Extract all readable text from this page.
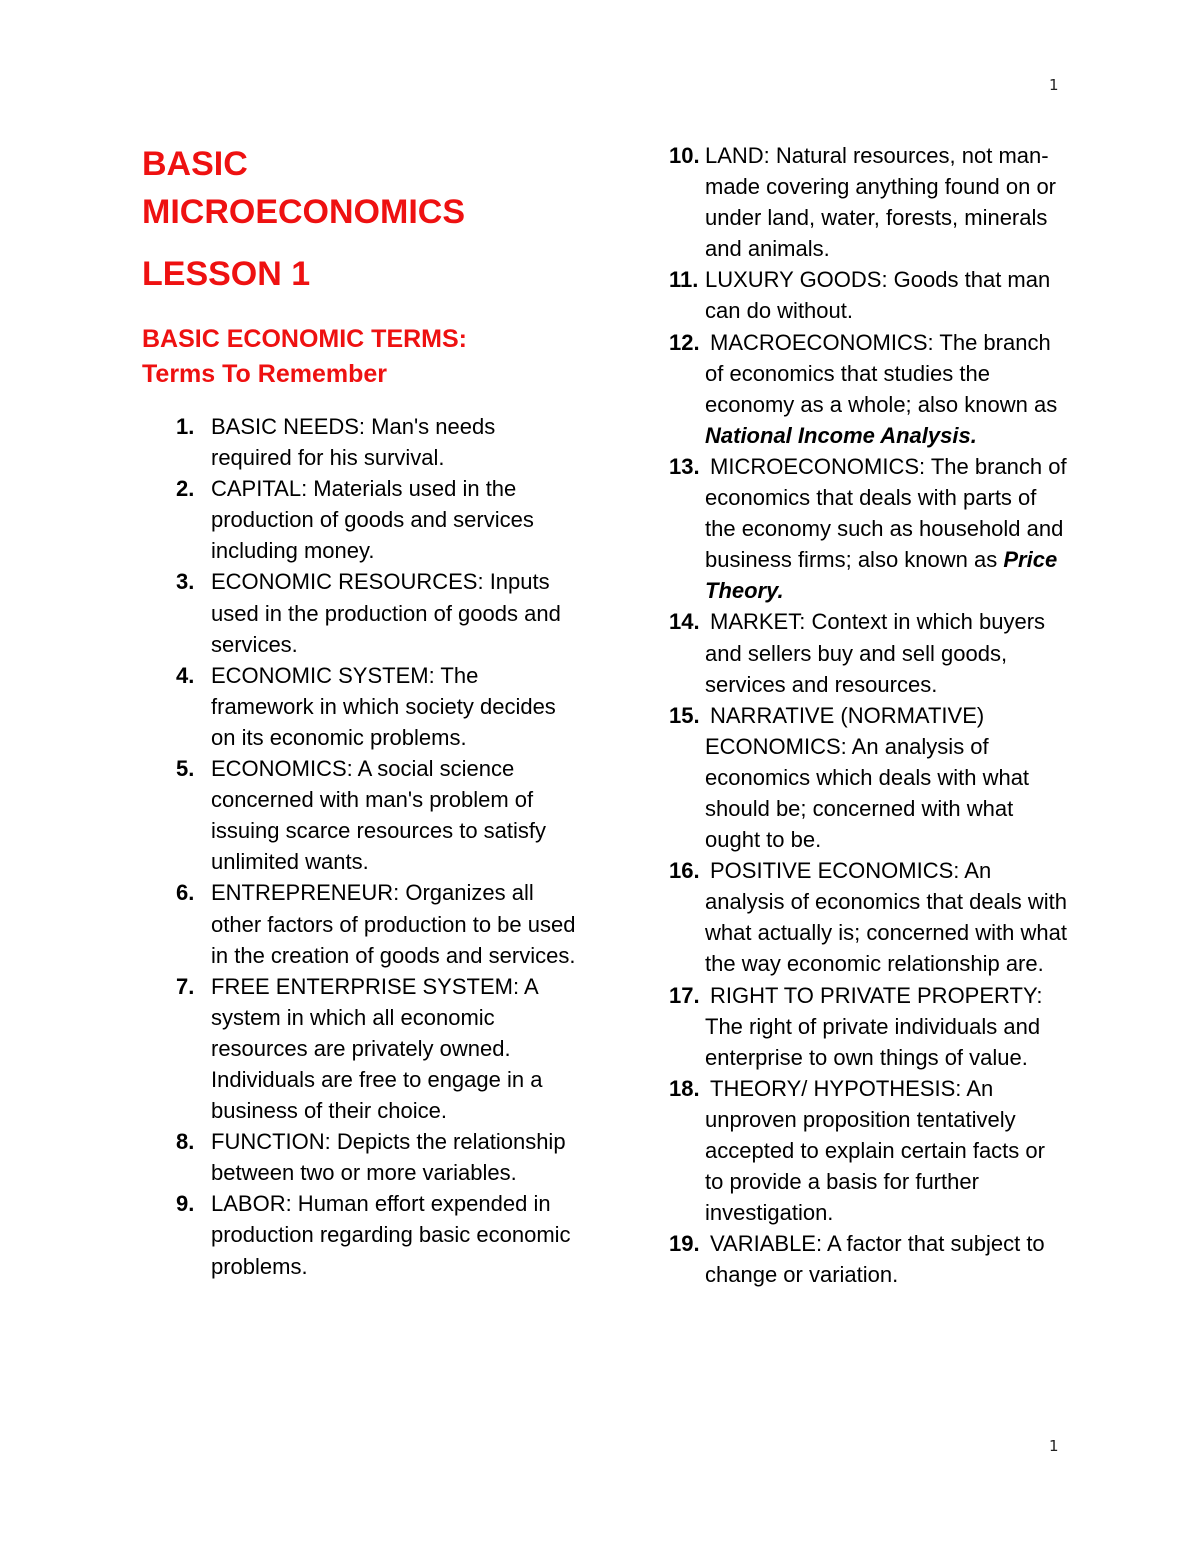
1
BASIC
MICROECONOMICS
LESSON 1
BASIC ECONOMIC TERMS:
Terms To Remember
1. BASIC NEEDS: Man's needs required for his survival.
2. CAPITAL: Materials used in the production of goods and services including money.
3. ECONOMIC RESOURCES: Inputs used in the production of goods and services.
4. ECONOMIC SYSTEM: The framework in which society decides on its economic problems.
5. ECONOMICS: A social science concerned with man's problem of issuing scarce resources to satisfy unlimited wants.
6. ENTREPRENEUR: Organizes all other factors of production to be used in the creation of goods and services.
7. FREE ENTERPRISE SYSTEM: A system in which all economic resources are privately owned. Individuals are free to engage in a business of their choice.
8. FUNCTION: Depicts the relationship between two or more variables.
9. LABOR: Human effort expended in production regarding basic economic problems.
10. LAND: Natural resources, not man-made covering anything found on or under land, water, forests, minerals and animals.
11. LUXURY GOODS: Goods that man can do without.
12. MACROECONOMICS: The branch of economics that studies the economy as a whole; also known as National Income Analysis.
13. MICROECONOMICS: The branch of economics that deals with parts of the economy such as household and business firms; also known as Price Theory.
14. MARKET: Context in which buyers and sellers buy and sell goods, services and resources.
15. NARRATIVE (NORMATIVE) ECONOMICS: An analysis of economics which deals with what should be; concerned with what ought to be.
16. POSITIVE ECONOMICS: An analysis of economics that deals with what actually is; concerned with what the way economic relationship are.
17. RIGHT TO PRIVATE PROPERTY: The right of private individuals and enterprise to own things of value.
18. THEORY/ HYPOTHESIS: An unproven proposition tentatively accepted to explain certain facts or to provide a basis for further investigation.
19. VARIABLE: A factor that subject to change or variation.
1
